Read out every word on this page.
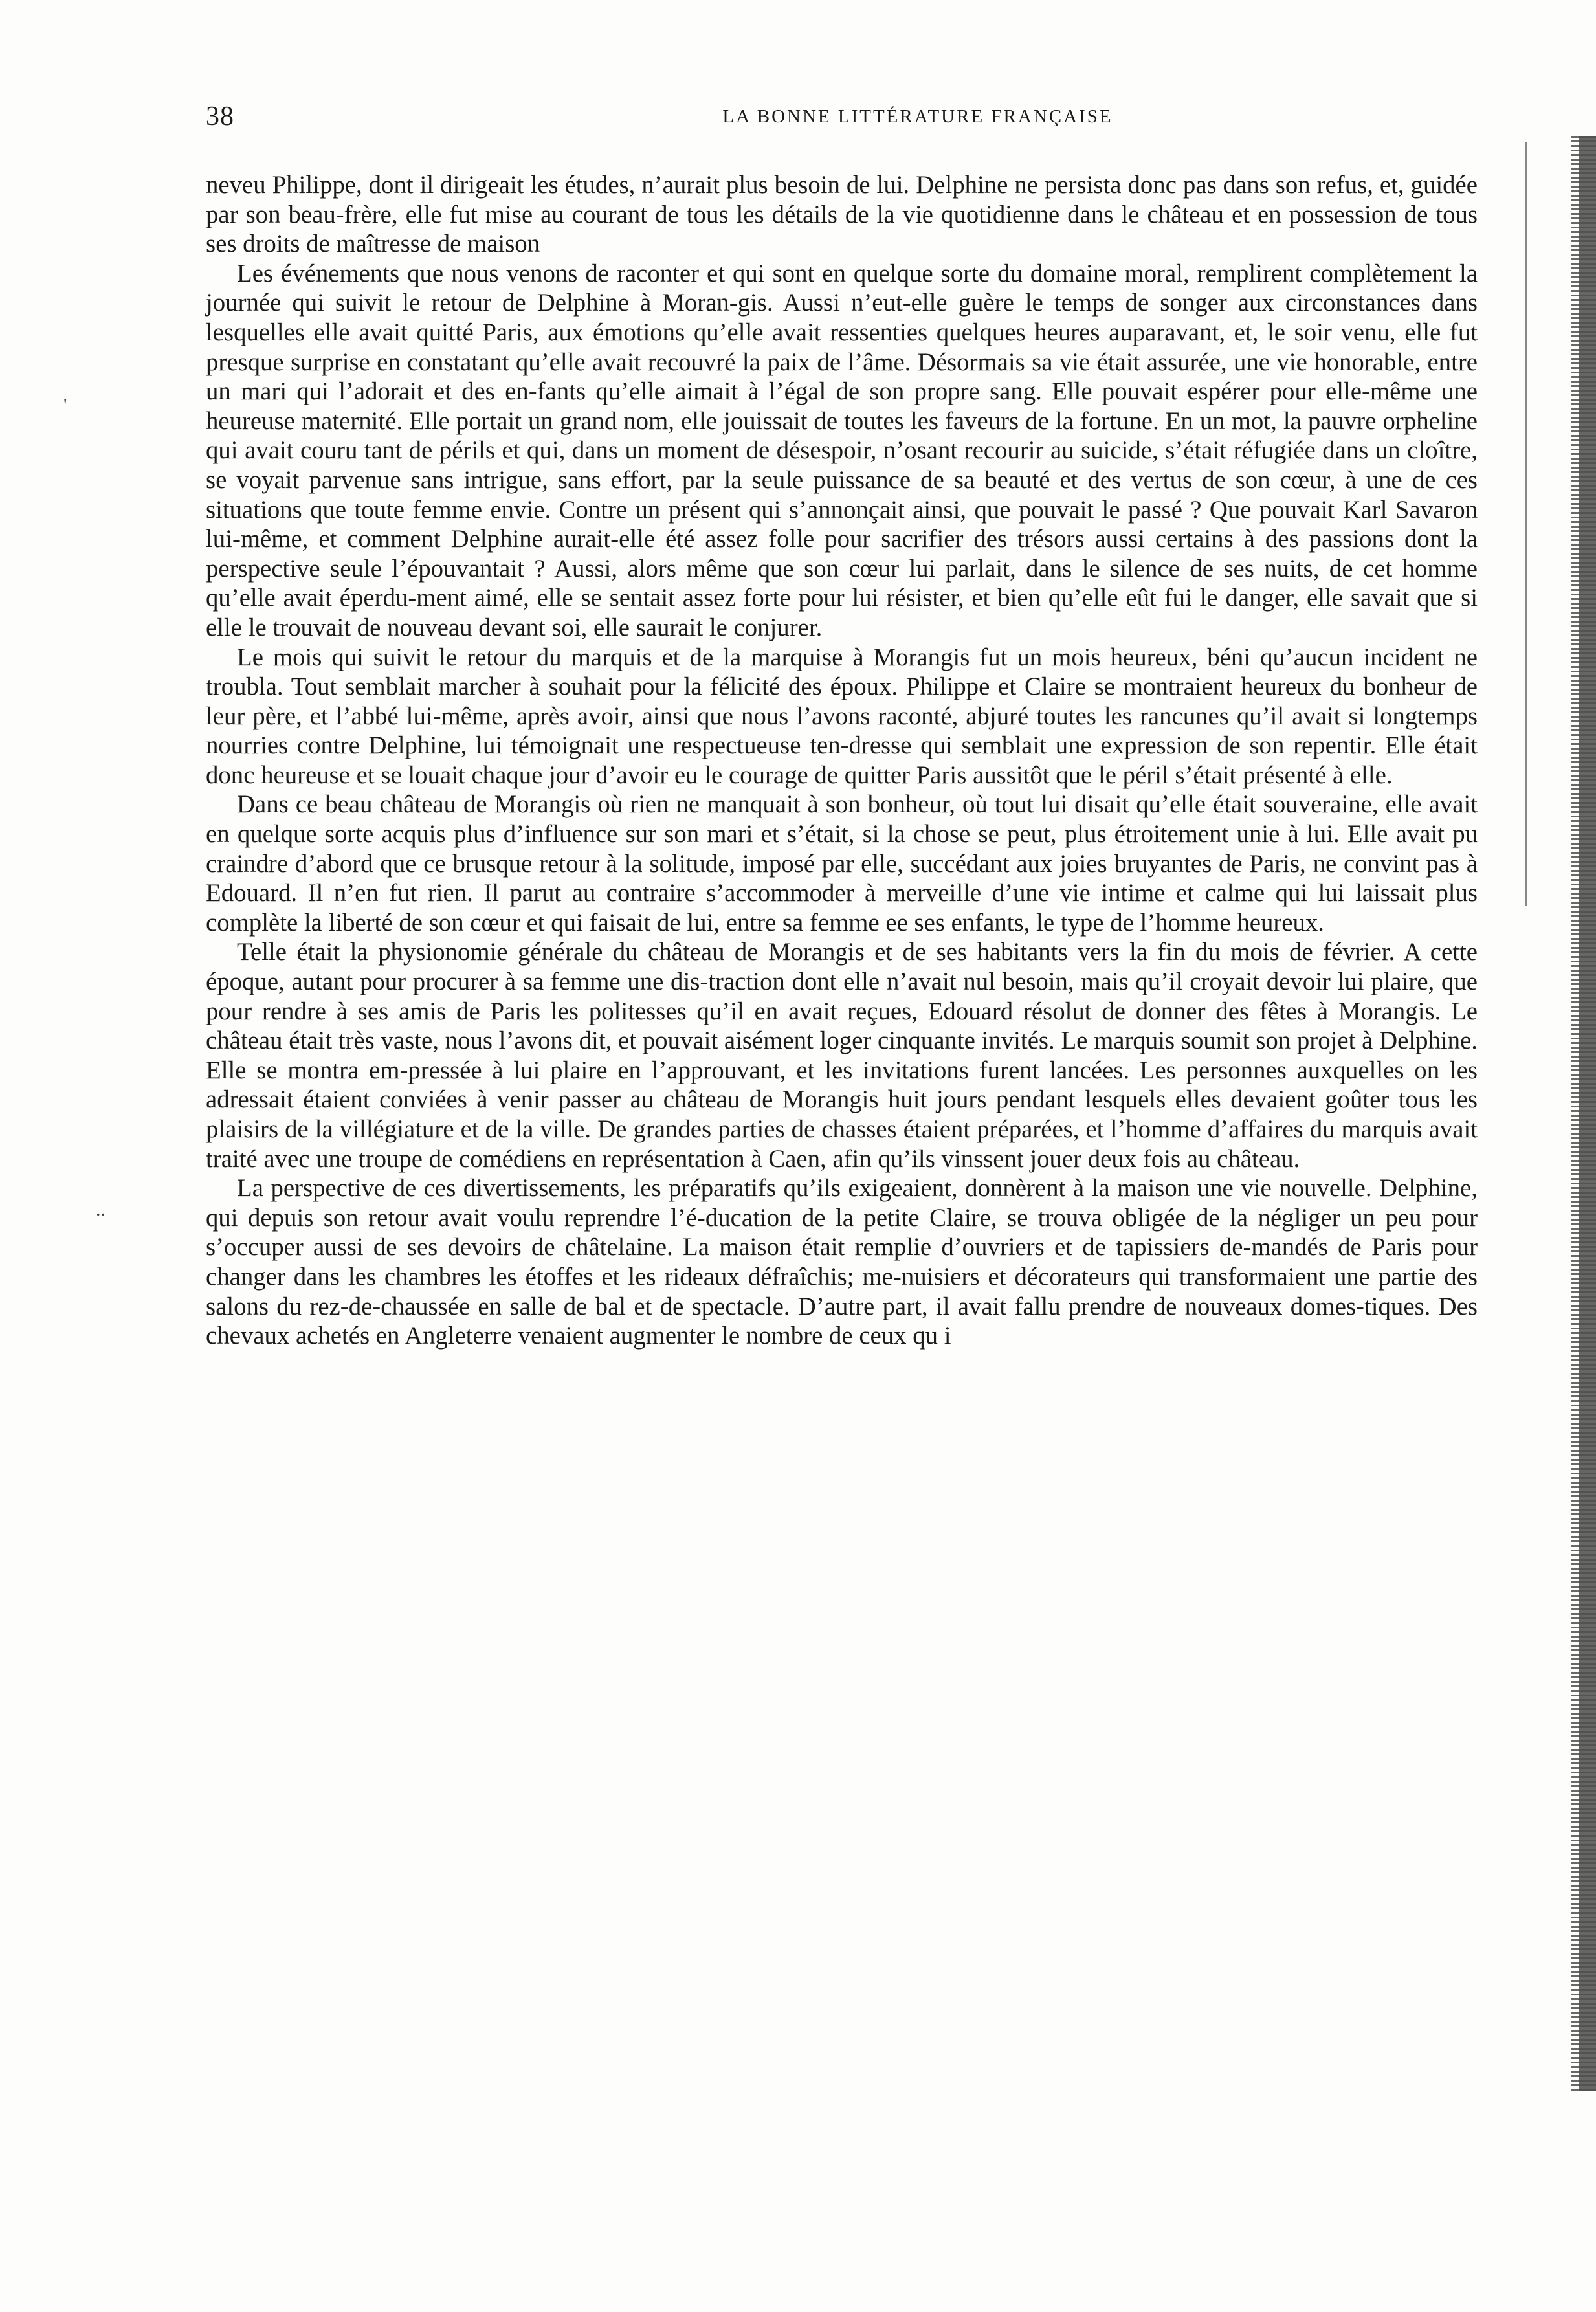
38	LA BONNE LITTÉRATURE FRANÇAISE

neveu Philippe, dont il dirigeait les études, n’aurait plus besoin de lui. Delphine ne persista donc pas dans son refus, et, guidée par son beau-frère, elle fut mise au courant de tous les détails de la vie quotidienne dans le château et en possession de tous ses droits de maîtresse de maison

Les événements que nous venons de raconter et qui sont en quelque sorte du domaine moral, remplirent complètement la journée qui suivit le retour de Delphine à Moran-gis. Aussi n’eut-elle guère le temps de songer aux circonstances dans lesquelles elle avait quitté Paris, aux émotions qu’elle avait ressenties quelques heures auparavant, et, le soir venu, elle fut presque surprise en constatant qu’elle avait recouvré la paix de l’âme. Désormais sa vie était assurée, une vie honorable, entre un mari qui l’adorait et des en-fants qu’elle aimait à l’égal de son propre sang. Elle pouvait espérer pour elle-même une heureuse maternité. Elle portait un grand nom, elle jouissait de toutes les faveurs de la fortune. En un mot, la pauvre orpheline qui avait couru tant de périls et qui, dans un moment de désespoir, n’osant recourir au suicide, s’était réfugiée dans un cloître, se voyait parvenue sans intrigue, sans effort, par la seule puissance de sa beauté et des vertus de son cœur, à une de ces situations que toute femme envie. Contre un présent qui s’annonçait ainsi, que pouvait le passé ? Que pouvait Karl Savaron lui-même, et comment Delphine aurait-elle été assez folle pour sacrifier des trésors aussi certains à des passions dont la perspective seule l’épouvantait ? Aussi, alors même que son cœur lui parlait, dans le silence de ses nuits, de cet homme qu’elle avait éperdu-ment aimé, elle se sentait assez forte pour lui résister, et bien qu’elle eût fui le danger, elle savait que si elle le trouvait de nouveau devant soi, elle saurait le conjurer.

Le mois qui suivit le retour du marquis et de la marquise à Morangis fut un mois heureux, béni qu’aucun incident ne troubla. Tout semblait marcher à souhait pour la félicité des époux. Philippe et Claire se montraient heureux du bonheur de leur père, et l’abbé lui-même, après avoir, ainsi que nous l’avons raconté, abjuré toutes les rancunes qu’il avait si longtemps nourries contre Delphine, lui témoignait une respectueuse ten-dresse qui semblait une expression de son repentir. Elle était donc heureuse et se louait chaque jour d’avoir eu le courage de quitter Paris aussitôt que le péril s’était présenté à elle.

Dans ce beau château de Morangis où rien ne manquait à son bonheur, où tout lui disait qu’elle était souveraine, elle avait en quelque sorte acquis plus d’influence sur son mari et s’était, si la chose se peut, plus étroitement unie à lui. Elle avait pu craindre d’abord que ce brusque retour à la solitude, imposé par elle, succédant aux joies bruyantes de Paris, ne convint pas à Edouard. Il n’en fut rien. Il parut au contraire s’accommoder à merveille d’une vie intime et calme qui lui laissait plus complète la liberté de son cœur et qui faisait de lui, entre sa femme ee ses enfants, le type de l’homme heureux.

Telle était la physionomie générale du château de Morangis et de ses habitants vers la fin du mois de février. A cette époque, autant pour procurer à sa femme une dis-traction dont elle n’avait nul besoin, mais qu’il croyait devoir lui plaire, que pour rendre à ses amis de Paris les politesses qu’il en avait reçues, Edouard résolut de donner des fêtes à Morangis. Le château était très vaste, nous l’avons dit, et pouvait aisément loger cinquante invités. Le marquis soumit son projet à Delphine. Elle se montra em-pressée à lui plaire en l’approuvant, et les invitations furent lancées. Les personnes auxquelles on les adressait étaient conviées à venir passer au château de Morangis huit jours pendant lesquels elles devaient goûter tous les plaisirs de la villégiature et de la ville. De grandes parties de chasses étaient préparées, et l’homme d’affaires du marquis avait traité avec une troupe de comédiens en représentation à Caen, afin qu’ils vinssent jouer deux fois au château.

La perspective de ces divertissements, les préparatifs qu’ils exigeaient, donnèrent à la maison une vie nouvelle. Delphine, qui depuis son retour avait voulu reprendre l’é-ducation de la petite Claire, se trouva obligée de la négliger un peu pour s’occuper aussi de ses devoirs de châtelaine. La maison était remplie d’ouvriers et de tapissiers de-mandés de Paris pour changer dans les chambres les étoffes et les rideaux défraîchis; me-nuisiers et décorateurs qui transformaient une partie des salons du rez-de-chaussée en salle de bal et de spectacle. D’autre part, il avait fallu prendre de nouveaux domes-tiques. Des chevaux achetés en Angleterre venaient augmenter le nombre de ceux qu i

'
..
